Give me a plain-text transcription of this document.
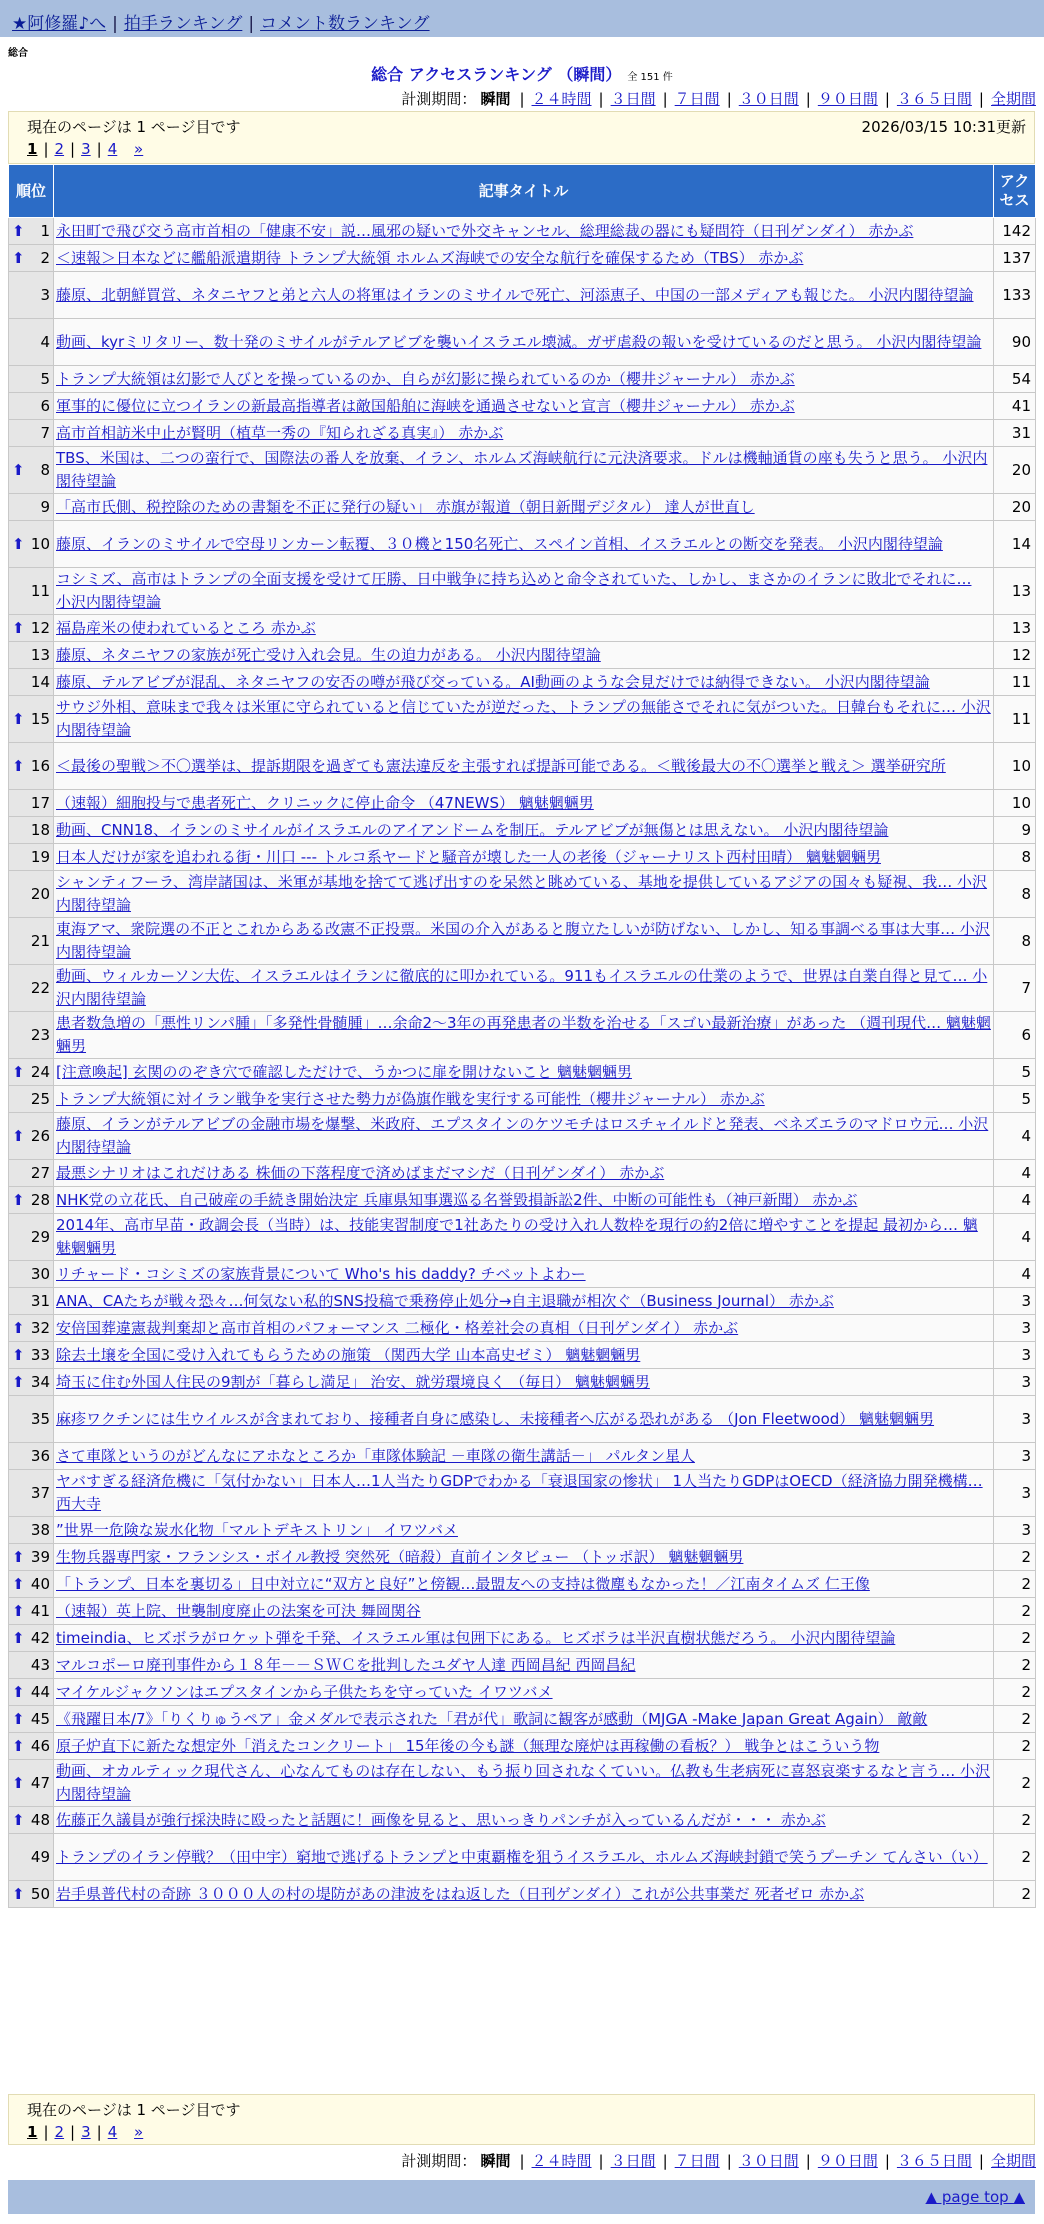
★阿修羅♪へ | 拍手ランキング | コメント数ランキング
総合
総合 アクセスランキング （瞬間） 全 151 件
計測期間： 瞬間 | ２４時間 | ３日間 | ７日間 | ３０日間 | ９０日間 | ３６５日間 | 全期間
現在のページは 1 ページ目です	2026/03/15 10:31更新
1 | 2 | 3 | 4 »
順位	記事タイトル	アクセス

⬆ 1	永田町で飛び交う高市首相の「健康不安」説…風邪の疑いで外交キャンセル、総理総裁の器にも疑問符（日刊ゲンダイ） 赤かぶ	142

⬆ 2	＜速報＞日本などに艦船派遣期待 トランプ大統領 ホルムズ海峡での安全な航行を確保するため（TBS） 赤かぶ	137
3	藤原、北朝鮮買営、ネタニヤフと弟と六人の将軍はイランのミサイルで死亡、河添恵子、中国の一部メディアも報じた。 小沢内閣待望論	133
4	動画、kyrミリタリー、数十発のミサイルがテルアビブを襲いイスラエル壊滅。ガザ虐殺の報いを受けているのだと思う。 小沢内閣待望論	90
5	トランプ大統領は幻影で人びとを操っているのか、自らが幻影に操られているのか（櫻井ジャーナル） 赤かぶ	54
6	軍事的に優位に立つイランの新最高指導者は敵国船舶に海峡を通過させないと宣言（櫻井ジャーナル） 赤かぶ	41
7	高市首相訪米中止が賢明（植草一秀の『知られざる真実』） 赤かぶ	31

⬆ 8	TBS、米国は、二つの蛮行で、国際法の番人を放棄、イラン、ホルムズ海峡航行に元決済要求。ドルは機軸通貨の座も失うと思う。 小沢内閣待望論	20
9	「高市氏側、税控除のための書類を不正に発行の疑い」 赤旗が報道（朝日新聞デジタル） 達人が世直し	20

⬆ 10	藤原、イランのミサイルで空母リンカーン転覆、３０機と150名死亡、スペイン首相、イスラエルとの断交を発表。 小沢内閣待望論	14
11	コシミズ、高市はトランプの全面支援を受けて圧勝、日中戦争に持ち込めと命令されていた、しかし、まさかのイランに敗北でそれに… 小沢内閣待望論	13

⬆ 12	福島産米の使われているところ 赤かぶ	13
13	藤原、ネタニヤフの家族が死亡受け入れ会見。生の迫力がある。 小沢内閣待望論	12
14	藤原、テルアビブが混乱、ネタニヤフの安否の噂が飛び交っている。AI動画のような会見だけでは納得できない。 小沢内閣待望論	11

⬆ 15	サウジ外相、意味まで我々は米軍に守られていると信じていたが逆だった、トランプの無能さでそれに気がついた。日韓台もそれに… 小沢内閣待望論	11

⬆ 16	＜最後の聖戦＞不〇選挙は、提訴期限を過ぎても憲法違反を主張すれば提訴可能である。＜戦後最大の不〇選挙と戦え＞ 選挙研究所	10
17	（速報）細胞投与で患者死亡、クリニックに停止命令 （47NEWS） 魑魅魍魎男	10
18	動画、CNN18、イランのミサイルがイスラエルのアイアンドームを制圧。テルアビブが無傷とは思えない。 小沢内閣待望論	9
19	日本人だけが家を追われる街・川口 --- トルコ系ヤードと騒音が壊した一人の老後（ジャーナリスト西村田晴） 魑魅魍魎男	8
20	シャンティフーラ、湾岸諸国は、米軍が基地を捨てて逃げ出すのを呆然と眺めている、基地を提供しているアジアの国々も疑視、我… 小沢内閣待望論	8
21	東海アマ、衆院選の不正とこれからある改憲不正投票。米国の介入があると腹立たしいが防げない、しかし、知る事調べる事は大事… 小沢内閣待望論	8
22	動画、ウィルカーソン大佐、イスラエルはイランに徹底的に叩かれている。911もイスラエルの仕業のようで、世界は自業自得と見て… 小沢内閣待望論	7
23	患者数急増の「悪性リンパ腫」「多発性骨髄腫」…余命2～3年の再発患者の半数を治せる「スゴい最新治療」があった （週刊現代… 魑魅魍魎男	6

⬆ 24	[注意喚起] 玄関ののぞき穴で確認しただけで、うかつに扉を開けないこと 魑魅魍魎男	5
25	トランプ大統領に対イラン戦争を実行させた勢力が偽旗作戦を実行する可能性（櫻井ジャーナル） 赤かぶ	5

⬆ 26	藤原、イランがテルアビブの金融市場を爆撃、米政府、エプスタインのケツモチはロスチャイルドと発表、ベネズエラのマドロウ元… 小沢内閣待望論	4
27	最悪シナリオはこれだけある 株価の下落程度で済めばまだマシだ（日刊ゲンダイ） 赤かぶ	4

⬆ 28	NHK党の立花氏、自己破産の手続き開始決定 兵庫県知事選巡る名誉毀損訴訟2件、中断の可能性も（神戸新聞） 赤かぶ	4
29	2014年、高市早苗・政調会長（当時）は、技能実習制度で1社あたりの受け入れ人数枠を現行の約2倍に増やすことを提起 最初から… 魑魅魍魎男	4
30	リチャード・コシミズの家族背景について Who's his daddy? チベットよわー	4
31	ANA、CAたちが戦々恐々…何気ない私的SNS投稿で乗務停止処分→自主退職が相次ぐ（Business Journal） 赤かぶ	3

⬆ 32	安倍国葬違憲裁判棄却と高市首相のパフォーマンス 二極化・格差社会の真相（日刊ゲンダイ） 赤かぶ	3

⬆ 33	除去土壌を全国に受け入れてもらうための施策 （関西大学 山本高史ゼミ） 魑魅魍魎男	3

⬆ 34	埼玉に住む外国人住民の9割が「暮らし満足」 治安、就労環境良く （毎日） 魑魅魍魎男	3
35	麻疹ワクチンには生ウイルスが含まれており、接種者自身に感染し、未接種者へ広がる恐れがある （Jon Fleetwood） 魑魅魍魎男	3
36	さて車隊というのがどんなにアホなところか「車隊体験記 －車隊の衛生講話－」 パルタン星人	3
37	ヤバすぎる経済危機に「気付かない」日本人…1人当たりGDPでわかる「衰退国家の惨状」 1人当たりGDPはOECD（経済協力開発機構… 西大寺	3
38	”世界一危険な炭水化物「マルトデキストリン」 イワツバメ	3

⬆ 39	生物兵器専門家・フランシス・ボイル教授 突然死（暗殺）直前インタビュー （トッポ訳） 魑魅魍魎男	2

⬆ 40	「トランプ、日本を裏切る」日中対立に“双方と良好”と傍観…最盟友への支持は微塵もなかった！／江南タイムズ 仁王像	2

⬆ 41	（速報）英上院、世襲制度廃止の法案を可決 舞岡関谷	2

⬆ 42	timeindia、ヒズボラがロケット弾を千発、イスラエル軍は包囲下にある。ヒズボラは半沢直樹状態だろう。 小沢内閣待望論	2
43	マルコポーロ廃刊事件から１８年－－ＳＷＣを批判したユダヤ人達 西岡昌紀 西岡昌紀	2

⬆ 44	マイケルジャクソンはエプスタインから子供たちを守っていた イワツバメ	2

⬆ 45	《飛躍日本/7》「りくりゅうペア」金メダルで表示された「君が代」歌詞に観客が感動（MJGA -Make Japan Great Again） 敵敵	2

⬆ 46	原子炉直下に新たな想定外「消えたコンクリート」 15年後の今も謎（無理な廃炉は再稼働の看板？） 戦争とはこういう物	2

⬆ 47	動画、オカルティック現代さん、心なんてものは存在しない、もう振り回されなくていい。仏教も生老病死に喜怒哀楽するなと言う… 小沢内閣待望論	2

⬆ 48	佐藤正久議員が強行採決時に殴ったと話題に！画像を見ると、思いっきりパンチが入っているんだが・・・ 赤かぶ	2
49	トランプのイラン停戦？（田中宇）窮地で逃げるトランプと中東覇権を狙うイスラエル、ホルムズ海峡封鎖で笑うプーチン てんさい（い）	2

⬆ 50	岩手県普代村の奇跡 ３０００人の村の堤防があの津波をはね返した（日刊ゲンダイ）これが公共事業だ 死者ゼロ 赤かぶ	2
現在のページは 1 ページ目です
1 | 2 | 3 | 4 »
計測期間： 瞬間 | ２４時間 | ３日間 | ７日間 | ３０日間 | ９０日間 | ３６５日間 | 全期間
▲ page top ▲
